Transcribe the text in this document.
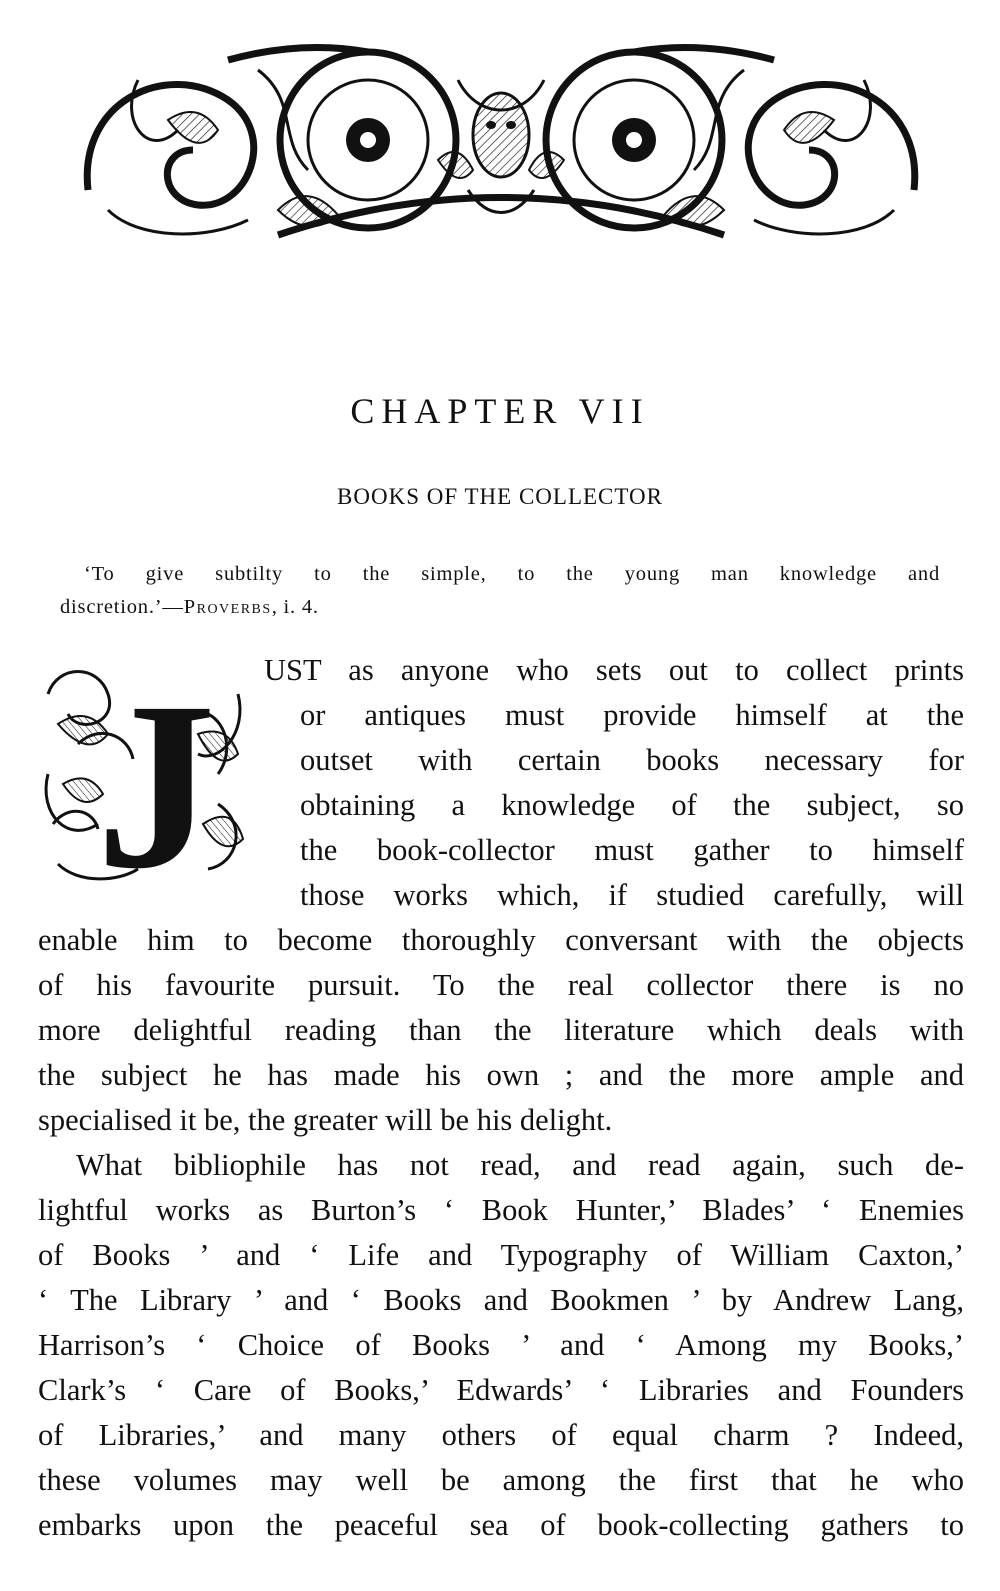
CHAPTER VII
BOOKS OF THE COLLECTOR

‘To give subtilty to the simple, to the young man knowledge and
discretion.’—Proverbs, i. 4.

J UST as anyone who sets out to collect prints

or antiques must provide himself at the

outset with certain books necessary for

obtaining a knowledge of the subject, so

the book-collector must gather to himself

those works which, if studied carefully, will

enable him to become thoroughly conversant with the objects

of his favourite pursuit. To the real collector there is no

more delightful reading than the literature which deals with

the subject he has made his own ; and the more ample and

specialised it be, the greater will be his delight.

What bibliophile has not read, and read again, such de-

lightful works as Burton’s ‘ Book Hunter,’ Blades’ ‘ Enemies

of Books ’ and ‘ Life and Typography of William Caxton,’

‘ The Library ’ and ‘ Books and Bookmen ’ by Andrew Lang,

Harrison’s ‘ Choice of Books ’ and ‘ Among my Books,’

Clark’s ‘ Care of Books,’ Edwards’ ‘ Libraries and Founders

of Libraries,’ and many others of equal charm ? Indeed,

these volumes may well be among the first that he who

embarks upon the peaceful sea of book-collecting gathers to
